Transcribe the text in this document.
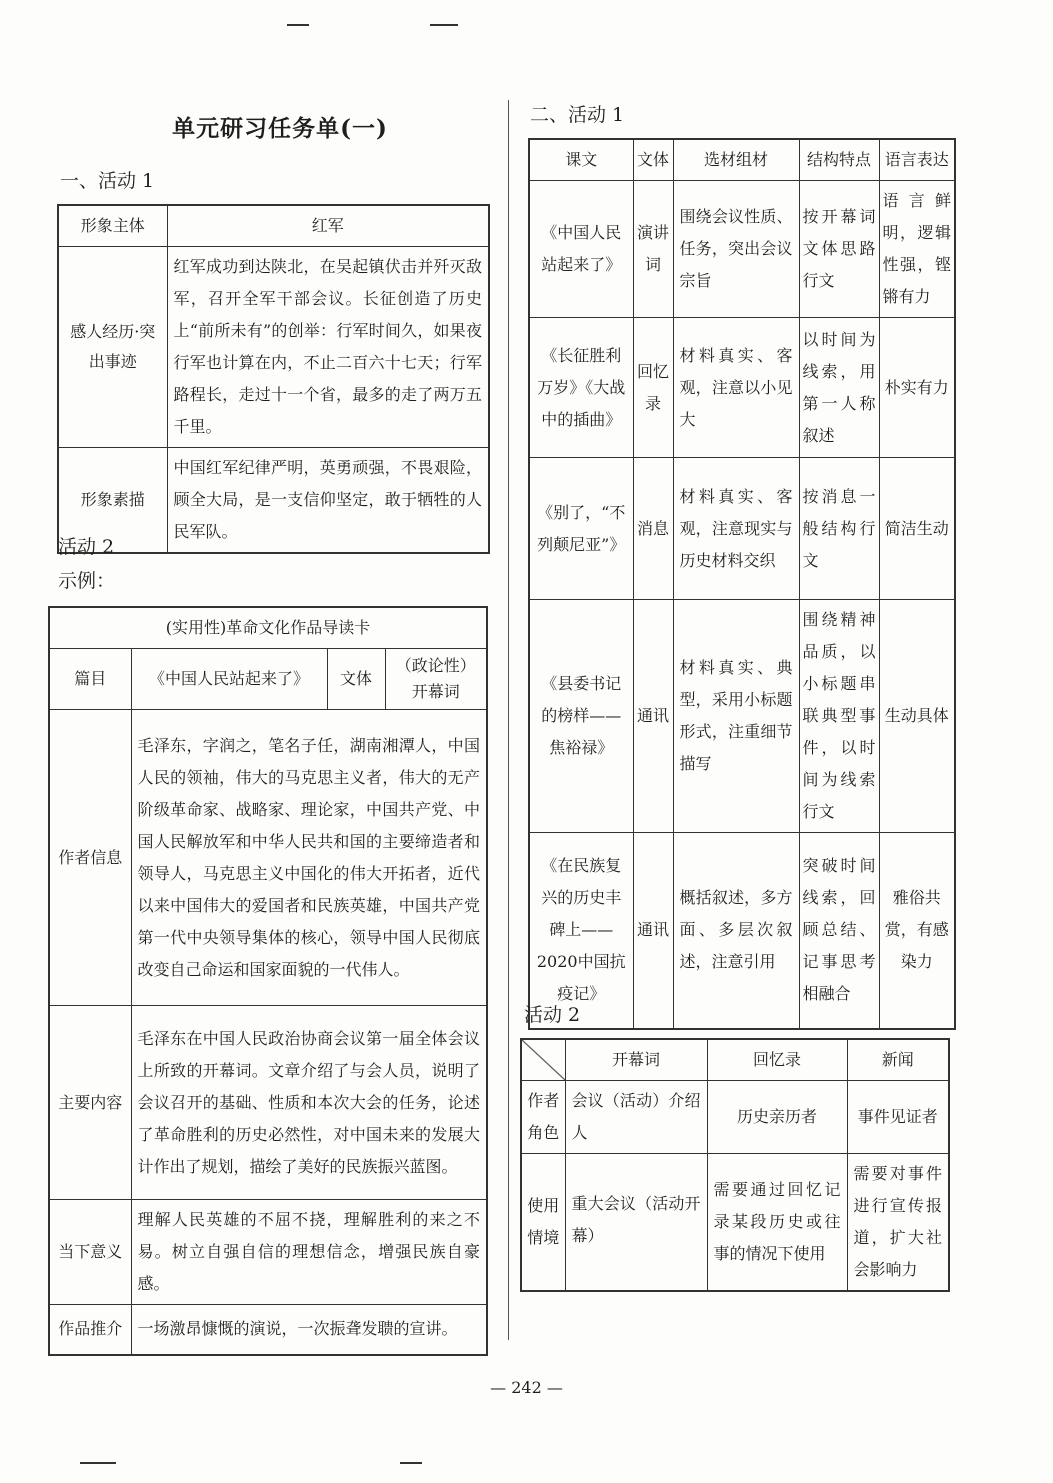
单元研习任务单(一)
一、活动 1
形象主体	红军
感人经历·突出事迹	红军成功到达陕北，在吴起镇伏击并歼灭敌军，召开全军干部会议。长征创造了历史上“前所未有”的创举：行军时间久，如果夜行军也计算在内，不止二百六十七天；行军路程长，走过十一个省，最多的走了两万五千里。
形象素描	中国红军纪律严明，英勇顽强，不畏艰险，顾全大局，是一支信仰坚定，敢于牺牲的人民军队。
活动 2
示例：
(实用性)革命文化作品导读卡			
篇目	《中国人民站起来了》	文体	（政论性）
开幕词

作者信息	毛泽东，字润之，笔名子任，湖南湘潭人，中国人民的领袖，伟大的马克思主义者，伟大的无产阶级革命家、战略家、理论家，中国共产党、中国人民解放军和中华人民共和国的主要缔造者和领导人，马克思主义中国化的伟大开拓者，近代以来中国伟大的爱国者和民族英雄，中国共产党第一代中央领导集体的核心，领导中国人民彻底改变自己命运和国家面貌的一代伟人。		
主要内容	毛泽东在中国人民政治协商会议第一届全体会议上所致的开幕词。文章介绍了与会人员，说明了会议召开的基础、性质和本次大会的任务，论述了革命胜利的历史必然性，对中国未来的发展大计作出了规划，描绘了美好的民族振兴蓝图。		
当下意义	理解人民英雄的不屈不挠，理解胜利的来之不易。树立自强自信的理想信念，增强民族自豪感。		
作品推介	一场激昂慷慨的演说，一次振聋发聩的宣讲。		
二、活动 1
课文	文体	选材组材	结构特点	语言表达
《中国人民站起来了》	演讲词	围绕会议性质、任务，突出会议宗旨	按开幕词文体思路行文	语言鲜明，逻辑性强，铿锵有力
《长征胜利万岁》《大战中的插曲》	回忆录	材料真实、客观，注意以小见大	以时间为线索，用第一人称叙述	朴实有力
《别了，“不列颠尼亚”》	消息	材料真实、客观，注意现实与历史材料交织	按消息一般结构行文	简洁生动
《县委书记的榜样——焦裕禄》	通讯	材料真实、典型，采用小标题形式，注重细节描写	围绕精神品质，以小标题串联典型事件，以时间为线索行文	生动具体
《在民族复兴的历史丰碑上——2020中国抗疫记》	通讯	概括叙述，多方面、多层次叙述，注意引用	突破时间线索，回顾总结、记事思考相融合	雅俗共赏，有感染力
活动 2
	开幕词	回忆录	新闻
作者角色	会议（活动）介绍人	历史亲历者	事件见证者
使用情境	重大会议（活动开幕）	需要通过回忆记录某段历史或往事的情况下使用	需要对事件进行宣传报道，扩大社会影响力
— 242 —
